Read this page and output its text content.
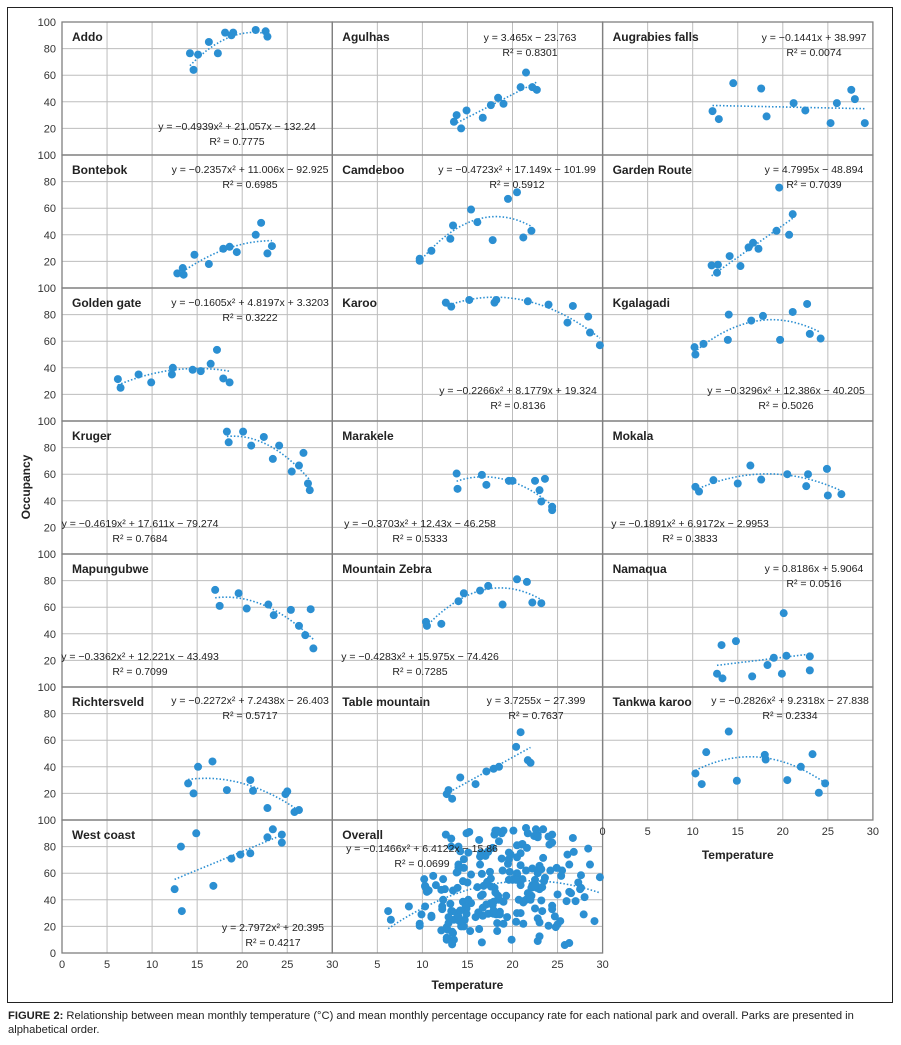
20
40
60
80
100
20
40
60
80
100
20
40
60
80
100
20
40
60
80
100
20
40
60
80
100
20
40
60
80
100
0
20
40
60
80
100
0	5	10	15	20	25	30	5	10	15	20	25	30
0	5	10	15	20	25	30
Temperature
Temperature
Occupancy
Addo
y = −0.4939x² + 21.057x − 132.24
R² = 0.7775
Agulhas	y = 3.465x − 23.763
R² = 0.8301
Augrabies falls	y = −0.1441x + 38.997
R² = 0.0074
Bontebok	y = −0.2357x² + 11.006x − 92.925
R² = 0.6985
Camdeboo	y = −0.4723x² + 17.149x − 101.99
R² = 0.5912
Garden Route	y = 4.7995x − 48.894
R² = 0.7039
Golden gate	y = −0.1605x² + 4.8197x + 3.3203
R² = 0.3222
Karoo
y = −0.2266x² + 8.1779x + 19.324
R² = 0.8136
Kgalagadi
y = −0.3296x² + 12.386x − 40.205
R² = 0.5026
Kruger
y = −0.4619x² + 17.611x − 79.274
R² = 0.7684
Marakele
y = −0.3703x² + 12.43x − 46.258
R² = 0.5333
Mokala
y = −0.1891x² + 6.9172x − 2.9953
R² = 0.3833
Mapungubwe
y = −0.3362x² + 12.221x − 43.493
R² = 0.7099
Mountain Zebra
y = −0.4283x² + 15.975x − 74.426
R² = 0.7285
Namaqua	y = 0.8186x + 5.9064
R² = 0.0516
Richtersveld	y = −0.2272x² + 7.2438x − 26.403
R² = 0.5717
Table mountain	y = 3.7255x − 27.399
R² = 0.7637
Tankwa karoo y = −0.2826x² + 9.2318x − 27.838
R² = 0.2334
West coast
y = 2.7972x² + 20.395
R² = 0.4217
Overall
y = −0.1466x² + 6.4122x − 15.86
R² = 0.0699
FIGURE 2: Relationship between mean monthly temperature (°C) and mean monthly percentage occupancy rate for each national park and overall. Parks are presented in alphabetical order.
